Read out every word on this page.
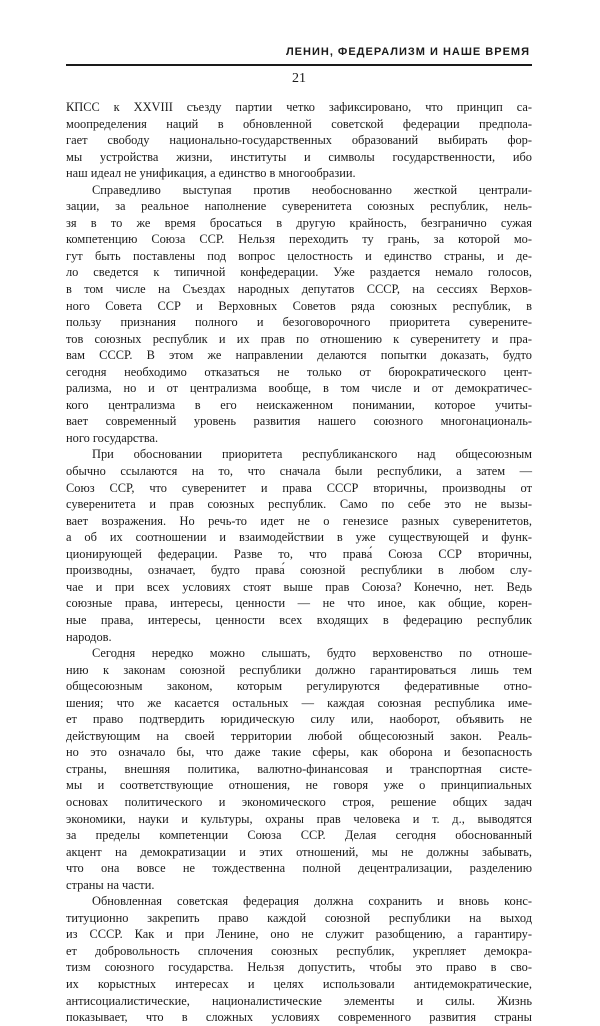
ЛЕНИН, ФЕДЕРАЛИЗМ И НАШЕ ВРЕМЯ
21

КПСС к XXVIII съезду партии четко зафиксировано, что принцип са-

моопределения наций в обновленной советской федерации предпола-

гает свободу национально-государственных образований выбирать фор-

мы устройства жизни, институты и символы государственности, ибо

наш идеал не унификация, а единство в многообразии.

Справедливо выступая против необоснованно жесткой централи-

зации, за реальное наполнение суверенитета союзных республик, нель-

зя в то же время бросаться в другую крайность, безгранично сужая

компетенцию Союза ССР. Нельзя переходить ту грань, за которой мо-

гут быть поставлены под вопрос целостность и единство страны, и де-

ло сведется к типичной конфедерации. Уже раздается немало голосов,

в том числе на Съездах народных депутатов СССР, на сессиях Верхов-

ного Совета ССР и Верховных Советов ряда союзных республик, в

пользу признания полного и безоговорочного приоритета суверените-

тов союзных республик и их прав по отношению к суверенитету и пра-

вам СССР. В этом же направлении делаются попытки доказать, будто

сегодня необходимо отказаться не только от бюрократического цент-

рализма, но и от централизма вообще, в том числе и от демократичес-

кого централизма в его неискаженном понимании, которое учиты-

вает современный уровень развития нашего союзного многонациональ-

ного государства.

При обосновании приоритета республиканского над общесоюзным

обычно ссылаются на то, что сначала были республики, а затем —

Союз ССР, что суверенитет и права СССР вторичны, производны от

суверенитета и прав союзных республик. Само по себе это не вызы-

вает возражения. Но речь-то идет не о генезисе разных суверенитетов,

а об их соотношении и взаимодействии в уже существующей и функ-

ционирующей федерации. Разве то, что права́ Союза ССР вторичны,

производны, означает, будто права́ союзной республики в любом слу-

чае и при всех условиях стоят выше прав Союза? Конечно, нет. Ведь

союзные права, интересы, ценности — не что иное, как общие, корен-

ные права, интересы, ценности всех входящих в федерацию республик

народов.

Сегодня нередко можно слышать, будто верховенство по отноше-

нию к законам союзной республики должно гарантироваться лишь тем

общесоюзным законом, которым регулируются федеративные отно-

шения; что же касается остальных — каждая союзная республика име-

ет право подтвердить юридическую силу или, наоборот, объявить не

действующим на своей территории любой общесоюзный закон. Реаль-

но это означало бы, что даже такие сферы, как оборона и безопасность

страны, внешняя политика, валютно-финансовая и транспортная систе-

мы и соответствующие отношения, не говоря уже о принципиальных

основах политического и экономического строя, решение общих задач

экономики, науки и культуры, охраны прав человека и т. д., выводятся

за пределы компетенции Союза ССР. Делая сегодня обоснованный

акцент на демократизации и этих отношений, мы не должны забывать,

что она вовсе не тождественна полной децентрализации, разделению

страны на части.

Обновленная советская федерация должна сохранить и вновь конс-

титуционно закрепить право каждой союзной республики на выход

из СССР. Как и при Ленине, оно не служит разобщению, а гарантиру-

ет добровольность сплочения союзных республик, укрепляет демокра-

тизм союзного государства. Нельзя допустить, чтобы это право в сво-

их корыстных интересах и целях использовали антидемократические,

антисоциалистические, националистические элементы и силы. Жизнь

показывает, что в сложных условиях современного развития страны
